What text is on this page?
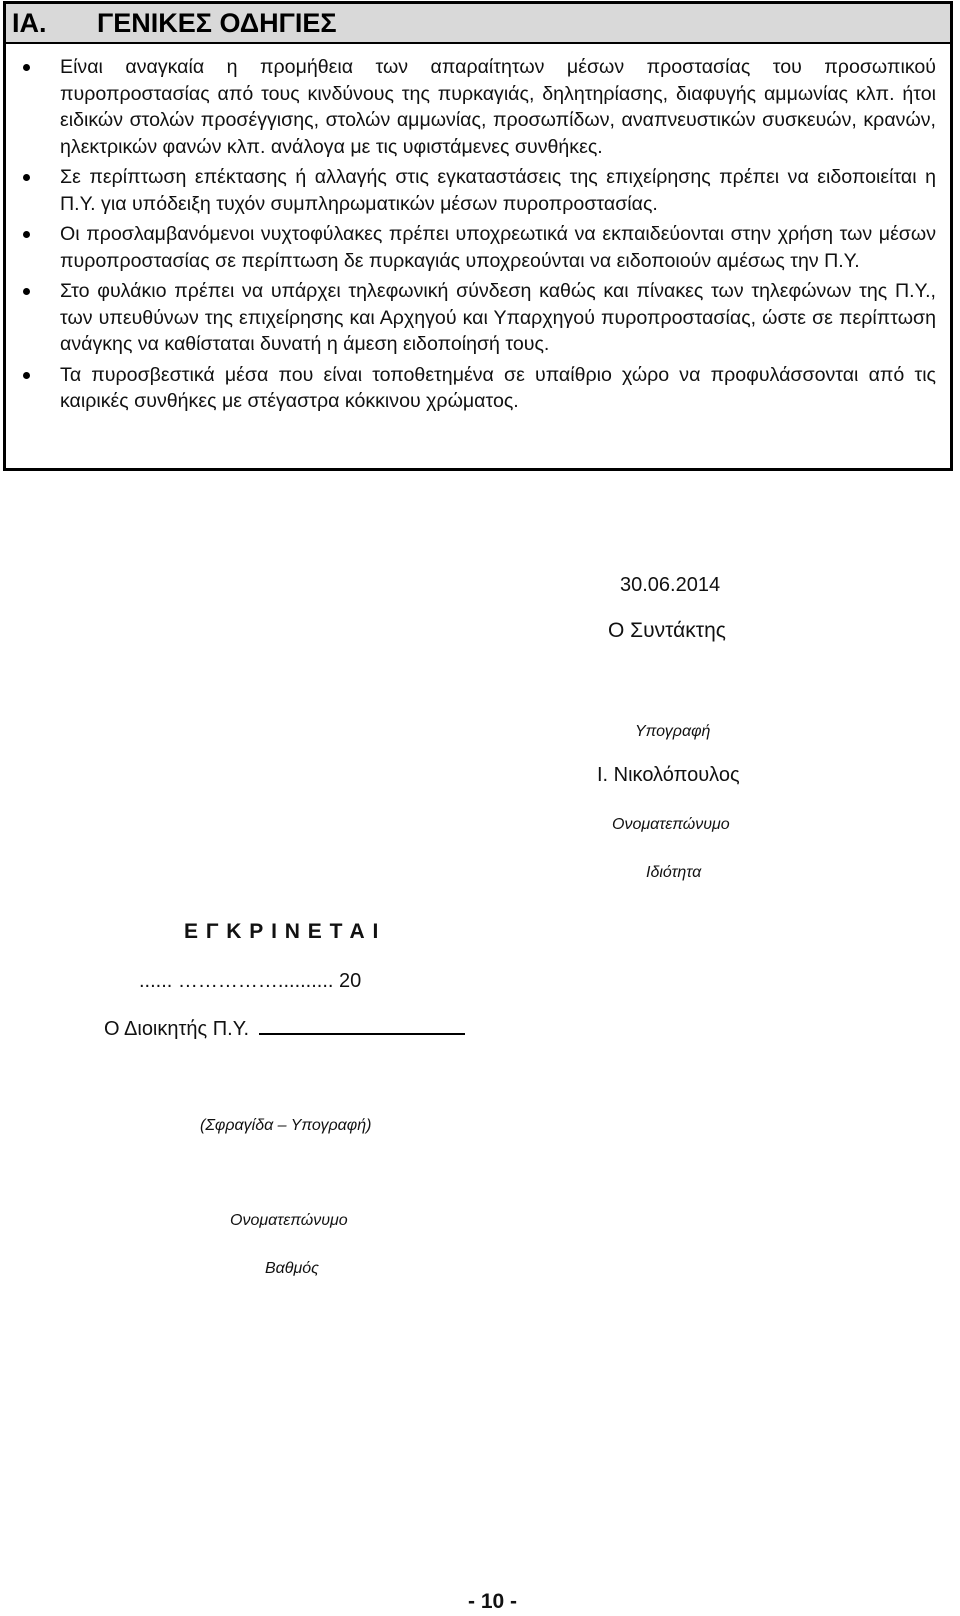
ΙΑ.	ΓΕΝΙΚΕΣ ΟΔΗΓΙΕΣ
Είναι αναγκαία η προμήθεια των απαραίτητων μέσων προστασίας του προσωπικού πυροπροστασίας από τους κινδύνους της πυρκαγιάς, δηλητηρίασης, διαφυγής αμμωνίας κλπ. ήτοι ειδικών στολών προσέγγισης, στολών αμμωνίας, προσωπίδων, αναπνευστικών συσκευών, κρανών, ηλεκτρικών φανών κλπ. ανάλογα με τις υφιστάμενες συνθήκες.
Σε περίπτωση επέκτασης ή αλλαγής στις εγκαταστάσεις της επιχείρησης πρέπει να ειδοποιείται η Π.Υ. για υπόδειξη τυχόν συμπληρωματικών μέσων πυροπροστασίας.
Οι προσλαμβανόμενοι νυχτοφύλακες πρέπει υποχρεωτικά να εκπαιδεύονται στην χρήση των μέσων πυροπροστασίας σε περίπτωση δε πυρκαγιάς υποχρεούνται να ειδοποιούν αμέσως την Π.Υ.
Στο φυλάκιο πρέπει να υπάρχει τηλεφωνική σύνδεση καθώς και πίνακες των τηλεφώνων της Π.Υ., των υπευθύνων της επιχείρησης και Αρχηγού και Υπαρχηγού πυροπροστασίας, ώστε σε περίπτωση ανάγκης να καθίσταται δυνατή η άμεση ειδοποίησή τους.
Τα πυροσβεστικά μέσα που είναι τοποθετημένα σε υπαίθριο χώρο να προφυλάσσονται από τις καιρικές συνθήκες με στέγαστρα κόκκινου χρώματος.
30.06.2014
Ο Συντάκτης
Υπογραφή
Ι. Νικολόπουλος
Ονοματεπώνυμο
Ιδιότητα
Ε Γ Κ Ρ Ι Ν Ε Τ Α Ι
...... …………….......... 20
Ο Διοικητής Π.Υ.
(Σφραγίδα – Υπογραφή)
Ονοματεπώνυμο
Βαθμός
- 10 -
